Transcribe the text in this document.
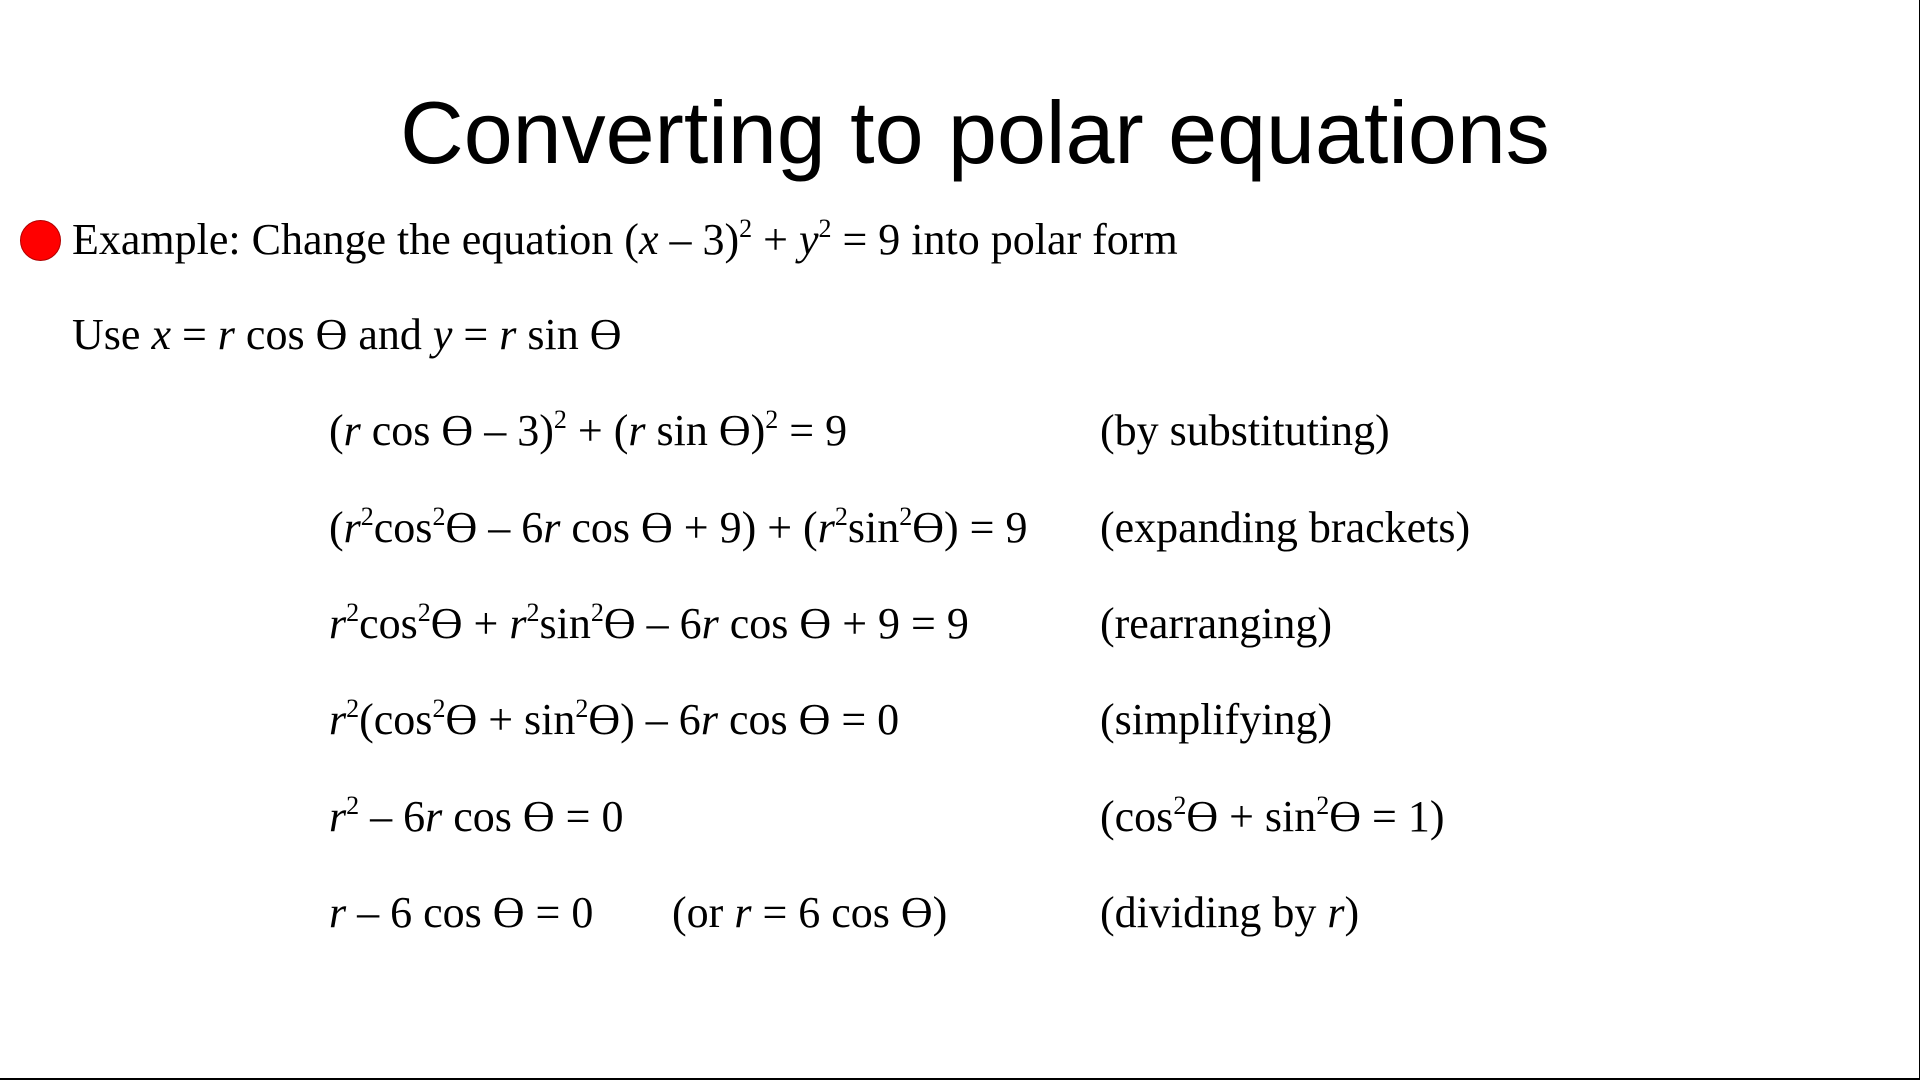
Converting to polar equations
Example: Change the equation $(x - 3)^2 + y^2 = 9$ into polar form
Use x = r cos ϴ and y = r sin ϴ
(r cos ϴ – 3)$^2$ + (r sin ϴ)$^2$ = 9	(by substituting)
($r^2\cos^2ϴ - 6r$ $\cos ϴ + 9) + (r^2\sin^2ϴ) = 9$ (expanding brackets)
$r^2\cos^2ϴ + r^2\sin^2ϴ - 6r$ cos ϴ + 9 = 9	(rearranging)
$r^2(\cos^2ϴ + \sin^2ϴ) - 6r$ cos ϴ = 0	(simplifying)
$r^2 - 6r$ cos ϴ = 0	$(\cos^2ϴ + \sin^2ϴ = 1)$
r – 6 cos ϴ = 0 (or r = 6 cos ϴ)	(dividing by r)
